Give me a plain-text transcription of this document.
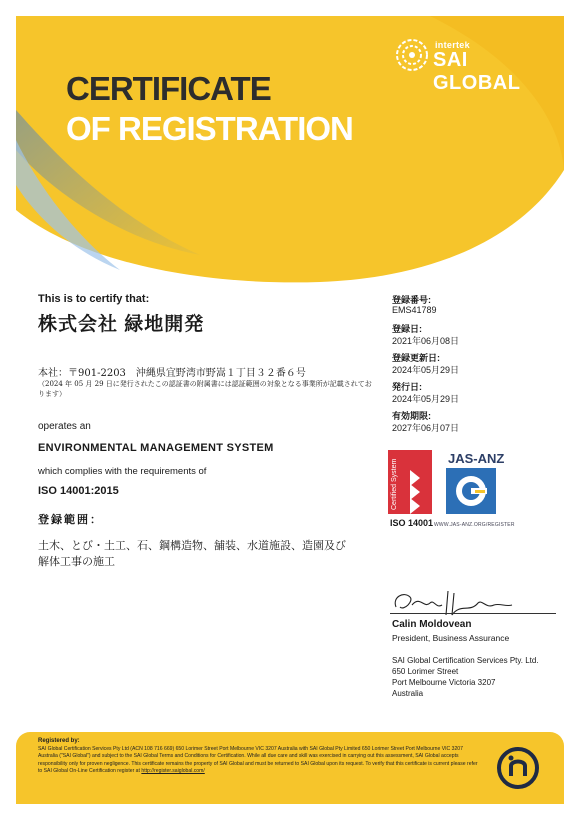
intertek
SAI GLOBAL
CERTIFICATE
OF REGISTRATION
This is to certify that:
株式会社 緑地開発
本社：〒901-2203　沖縄県宜野湾市野嵩１丁目３２番６号
（2024 年 05 月 29 日に発行されたこの認証書の附属書には認証範囲の対象となる事業所が記載されております）
operates an
ENVIRONMENTAL MANAGEMENT SYSTEM
which complies with the requirements of
ISO 14001:2015
登録範囲：
土木、とび・土工、石、鋼構造物、舗装、水道施設、造園及び解体工事の施工
登録番号:
EMS41789
登録日:
2021年06月08日
登録更新日:
2024年05月29日
発行日:
2024年05月29日
有効期限:
2027年06月07日
Certified System
ISO 14001
JAS-ANZ
WWW.JAS-ANZ.ORG/REGISTER
Calin Moldovean
President, Business Assurance
SAI Global Certification Services Pty. Ltd.
650 Lorimer Street
Port Melbourne Victoria 3207
Australia
Registered by:
SAI Global Certification Services Pty Ltd (ACN 108 716 669) 650 Lorimer Street Port Melbourne VIC 3207 Australia with SAI Global Pty Limited 650 Lorimer Street Port Melbourne VIC 3207 Australia ("SAI Global") and subject to the SAI Global Terms and Conditions for Certification. While all due care and skill was exercised in carrying out this assessment, SAI Global accepts responsibility only for proven negligence. This certificate remains the property of SAI Global and must be returned to SAI Global upon its request. To verify that this certificate is current please refer to SAI Global On-Line Certification register at http://register.saiglobal.com/
